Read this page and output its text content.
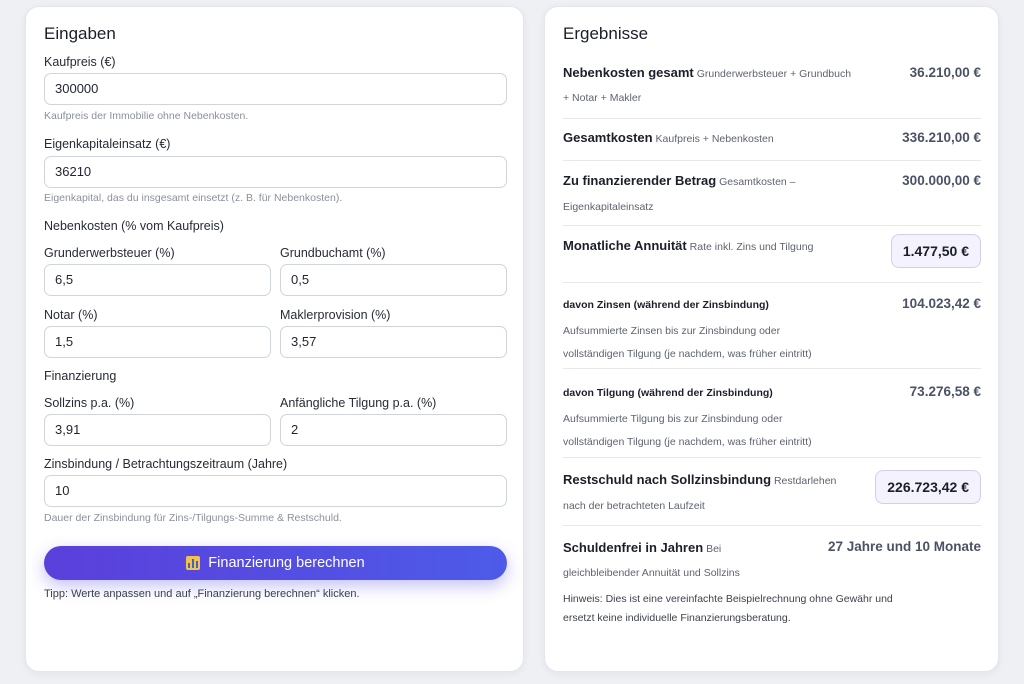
Eingaben
Kaufpreis (€)
300000
Kaufpreis der Immobilie ohne Nebenkosten.
Eigenkapitaleinsatz (€)
36210
Eigenkapital, das du insgesamt einsetzt (z. B. für Nebenkosten).
Nebenkosten (% vom Kaufpreis)
Grunderwerbsteuer (%)
6,5
Grundbuchamt (%)
0,5
Notar (%)
1,5
Maklerprovision (%)
3,57
Finanzierung
Sollzins p.a. (%)
3,91
Anfängliche Tilgung p.a. (%)
2
Zinsbindung / Betrachtungszeitraum (Jahre)
10
Dauer der Zinsbindung für Zins-/Tilgungs-Summe & Restschuld.
Finanzierung berechnen
Tipp: Werte anpassen und auf „Finanzierung berechnen“ klicken.
Ergebnisse
Nebenkosten gesamt Grunderwerbsteuer + Grundbuch
+ Notar + Makler
36.210,00 €
Gesamtkosten Kaufpreis + Nebenkosten	336.210,00 €
Zu finanzierender Betrag Gesamtkosten –
Eigenkapitaleinsatz
300.000,00 €
Monatliche Annuität Rate inkl. Zins und Tilgung	1.477,50 €
davon Zinsen (während der Zinsbindung)
Aufsummierte Zinsen bis zur Zinsbindung oder
vollständigen Tilgung (je nachdem, was früher eintritt)
104.023,42 €
davon Tilgung (während der Zinsbindung)
Aufsummierte Tilgung bis zur Zinsbindung oder
vollständigen Tilgung (je nachdem, was früher eintritt)
73.276,58 €
Restschuld nach Sollzinsbindung Restdarlehen
nach der betrachteten Laufzeit
226.723,42 €
Schuldenfrei in Jahren Bei
gleichbleibender Annuität und Sollzins
27 Jahre und 10 Monate
Hinweis: Dies ist eine vereinfachte Beispielrechnung ohne Gewähr und
ersetzt keine individuelle Finanzierungsberatung.
